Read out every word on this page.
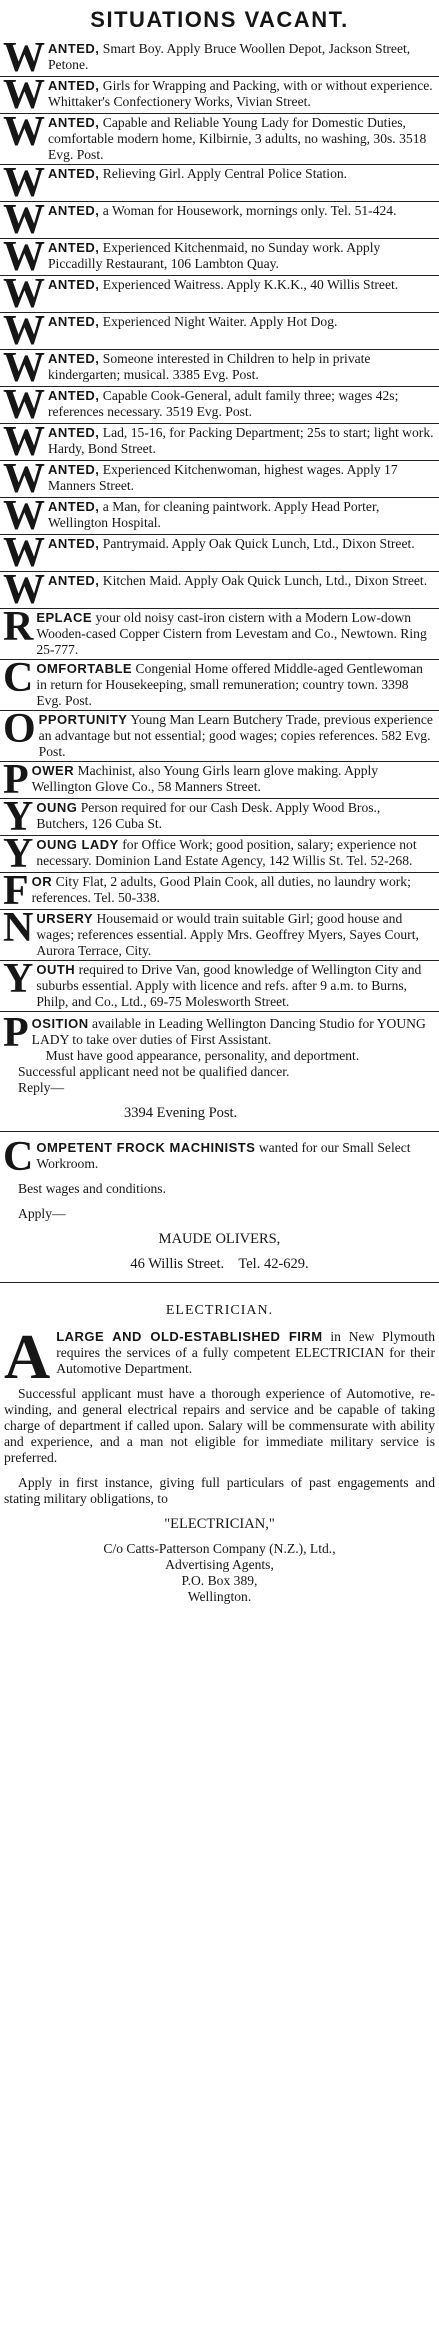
SITUATIONS VACANT.
WANTED, Smart Boy. Apply Bruce Woollen Depot, Jackson Street, Petone.
WANTED, Girls for Wrapping and Packing, with or without experience. Whittaker's Confectionery Works, Vivian Street.
WANTED, Capable and Reliable Young Lady for Domestic Duties, comfortable modern home, Kilbirnie, 3 adults, no washing, 30s. 3518 Evg. Post.
WANTED, Relieving Girl. Apply Central Police Station.
WANTED, a Woman for Housework, mornings only. Tel. 51-424.
WANTED, Experienced Kitchenmaid, no Sunday work. Apply Piccadilly Restaurant, 106 Lambton Quay.
WANTED, Experienced Waitress. Apply K.K.K., 40 Willis Street.
WANTED, Experienced Night Waiter. Apply Hot Dog.
WANTED, Someone interested in Children to help in private kindergarten; musical. 3385 Evg. Post.
WANTED, Capable Cook-General, adult family three; wages 42s; references necessary. 3519 Evg. Post.
WANTED, Lad, 15-16, for Packing Department; 25s to start; light work. Hardy, Bond Street.
WANTED, Experienced Kitchenwoman, highest wages. Apply 17 Manners Street.
WANTED, a Man, for cleaning paintwork. Apply Head Porter, Wellington Hospital.
WANTED, Pantrymaid. Apply Oak Quick Lunch, Ltd., Dixon Street.
WANTED, Kitchen Maid. Apply Oak Quick Lunch, Ltd., Dixon Street.
REPLACE your old noisy cast-iron cistern with a Modern Low-down Wooden-cased Copper Cistern from Levestam and Co., Newtown. Ring 25-777.
COMFORTABLE Congenial Home offered Middle-aged Gentlewoman in return for Housekeeping, small remuneration; country town. 3398 Evg. Post.
OPPORTUNITY Young Man Learn Butchery Trade, previous experience an advantage but not essential; good wages; copies references. 582 Evg. Post.
POWER Machinist, also Young Girls learn glove making. Apply Wellington Glove Co., 58 Manners Street.
YOUNG Person required for our Cash Desk. Apply Wood Bros., Butchers, 126 Cuba St.
YOUNG LADY for Office Work; good position, salary; experience not necessary. Dominion Land Estate Agency, 142 Willis St. Tel. 52-268.
FOR City Flat, 2 adults, Good Plain Cook, all duties, no laundry work; references. Tel. 50-338.
NURSERY Housemaid or would train suitable Girl; good house and wages; references essential. Apply Mrs. Geoffrey Myers, Sayes Court, Aurora Terrace, City.
YOUTH required to Drive Van, good knowledge of Wellington City and suburbs essential. Apply with licence and refs. after 9 a.m. to Burns, Philp, and Co., Ltd., 69-75 Molesworth Street.
POSITION available in Leading Wellington Dancing Studio for YOUNG LADY to take over duties of First Assistant.
Must have good appearance, personality, and deportment.
Successful applicant need not be qualified dancer.
Reply—
3394 Evening Post.
COMPETENT FROCK MACHINISTS wanted for our Small Select Workroom.
Best wages and conditions.
Apply—
MAUDE OLIVERS,
46 Willis Street.    Tel. 42-629.
ELECTRICIAN.
ALARGE AND OLD-ESTABLISHED FIRM in New Plymouth requires the services of a fully competent ELECTRICIAN for their Automotive Department.
Successful applicant must have a thorough experience of Automotive, re-winding, and general electrical repairs and service and be capable of taking charge of department if called upon. Salary will be commensurate with ability and experience, and a man not eligible for immediate military service is preferred.
Apply in first instance, giving full particulars of past engagements and stating military obligations, to
"ELECTRICIAN,"
C/o Catts-Patterson Company (N.Z.), Ltd.,
Advertising Agents,
P.O. Box 389,
Wellington.
